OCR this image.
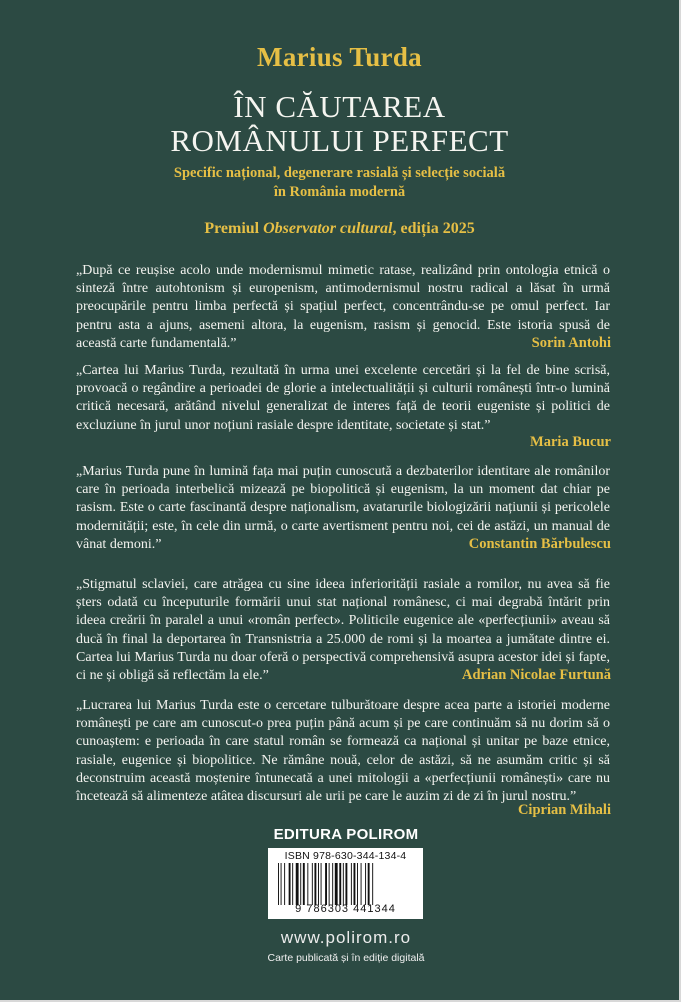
Marius Turda
ÎN CĂUTAREA
ROMÂNULUI PERFECT
Specific național, degenerare rasială și selecție socială
în România modernă
Premiul Observator cultural, ediția 2025
„După ce reușise acolo unde modernismul mimetic ratase, realizând prin ontologia etnică o sinteză între autohtonism și europenism, antimodernismul nostru radical a lăsat în urmă preocupările pentru limba perfectă și spațiul perfect, concentrându-se pe omul perfect. Iar pentru asta a ajuns, asemeni altora, la eugenism, rasism și genocid. Este istoria spusă de această carte fundamentală.”	Sorin Antohi
„Cartea lui Marius Turda, rezultată în urma unei excelente cercetări și la fel de bine scrisă, provoacă o regândire a perioadei de glorie a intelectualității și culturii românești într-o lumină critică necesară, arătând nivelul generalizat de interes față de teorii eugeniste și politici de excluziune în jurul unor noțiuni rasiale despre identitate, societate și stat.”
Maria Bucur
„Marius Turda pune în lumină fața mai puțin cunoscută a dezbaterilor identitare ale românilor care în perioada interbelică mizează pe biopolitică și eugenism, la un moment dat chiar pe rasism. Este o carte fascinantă despre naționalism, avatarurile biologizării națiunii și pericolele modernității; este, în cele din urmă, o carte avertisment pentru noi, cei de astăzi, un manual de vânat demoni.”	Constantin Bărbulescu
„Stigmatul sclaviei, care atrăgea cu sine ideea inferiorității rasiale a romilor, nu avea să fie șters odată cu începuturile formării unui stat național românesc, ci mai degrabă întărit prin ideea creării în paralel a unui «român perfect». Politicile eugenice ale «perfecțiunii» aveau să ducă în final la deportarea în Transnistria a 25.000 de romi și la moartea a jumătate dintre ei. Cartea lui Marius Turda nu doar oferă o perspectivă comprehensivă asupra acestor idei și fapte, ci ne și obligă să reflectăm la ele.”	Adrian Nicolae Furtună
„Lucrarea lui Marius Turda este o cercetare tulburătoare despre acea parte a istoriei moderne românești pe care am cunoscut-o prea puțin până acum și pe care continuăm să nu dorim să o cunoaștem: e perioada în care statul român se formează ca național și unitar pe baze etnice, rasiale, eugenice și biopolitice. Ne rămâne nouă, celor de astăzi, să ne asumăm critic și să deconstruim această moștenire întunecată a unei mitologii a «perfecțiunii românești» care nu încetează să alimenteze atâtea discursuri ale urii pe care le auzim zi de zi în jurul nostru.”
Ciprian Mihali
EDITURA POLIROM
ISBN 978-630-344-134-4
9 786303 441344
www.polirom.ro
Carte publicată și în ediție digitală
